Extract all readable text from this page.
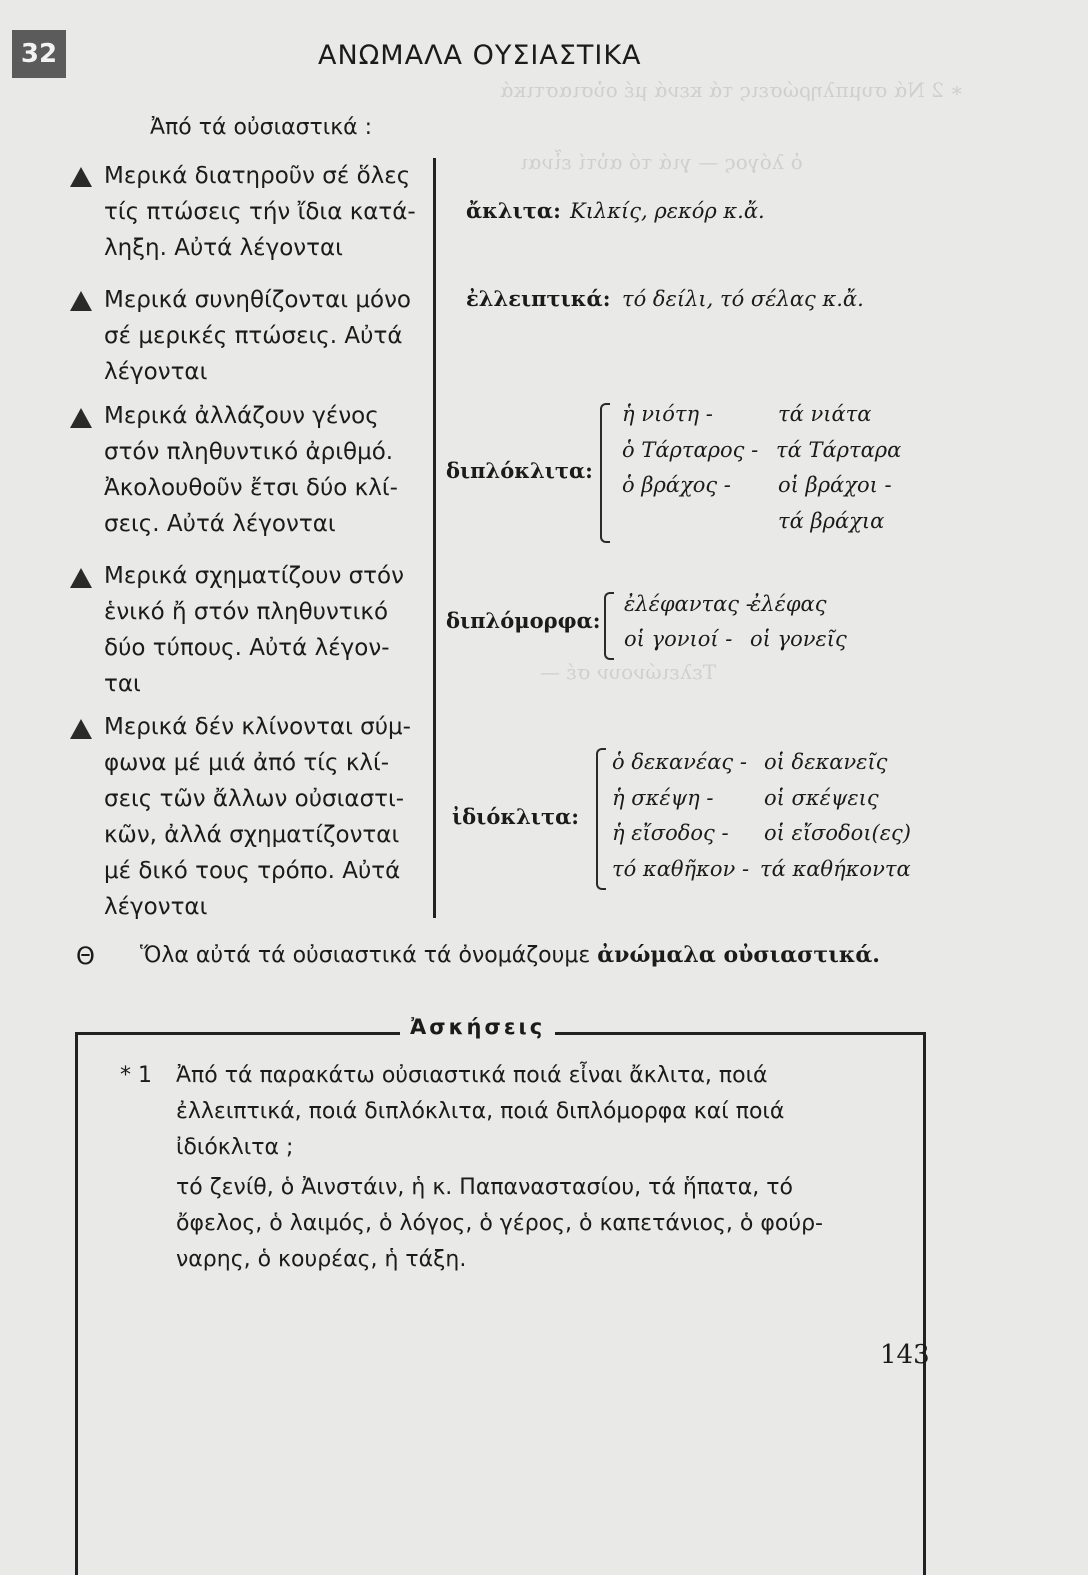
∗ 2 Νά συμπληρώσεις τά κενά μέ οὐσιαστικά
ὁ λόγος — γιά τό αὐτί εἶναι
Τελειώνουν σέ —
32	ΑΝΩΜΑΛΑ ΟΥΣΙΑΣΤΙΚΑ
Ἀπό τά οὐσιαστικά :
Μερικά διατηροῦν σέ ὅλες
τίς πτώσεις τήν ἴδια κατά-
ληξη. Αὐτά λέγονται
ἄκλιτα: Κιλκίς, ρεκόρ κ.ἄ.
Μερικά συνηθίζονται μόνο
σέ μερικές πτώσεις. Αὐτά
λέγονται
ἐλλειπτικά: τό δείλι, τό σέλας κ.ἄ.
Μερικά ἀλλάζουν γένος
στόν πληθυντικό ἀριθμό.
Ἀκολουθοῦν ἔτσι δύο κλί-
σεις. Αὐτά λέγονται
διπλόκλιτα:
ἡ νιότη -	τά νιάτα
ὁ Τάρταρος - τά Τάρταρα
ὁ βράχος - οἱ βράχοι -
τά βράχια
Μερικά σχηματίζουν στόν
ἑνικό ἤ στόν πληθυντικό
δύο τύπους. Αὐτά λέγον-
ται
διπλόμορφα:
ἐλέφαντας -
ἐλέφας
οἱ γονιοί - οἱ γονεῖς
Μερικά δέν κλίνονται σύμ-
φωνα μέ μιά ἀπό τίς κλί-
σεις τῶν ἄλλων οὐσιαστι-
κῶν, ἀλλά σχηματίζονται
μέ δικό τους τρόπο. Αὐτά
λέγονται
ἰδιόκλιτα:
ὁ δεκανέας - οἱ δεκανεῖς
ἡ σκέψη - οἱ σκέψεις
ἡ εἴσοδος - οἱ εἴσοδοι(ες)
τό καθῆκον - τά καθήκοντα
Θ Ὅλα αὐτά τά οὐσιαστικά τά ὀνομάζουμε ἀνώμαλα οὐσιαστικά.
Ἀσκήσεις
* 1 Ἀπό τά παρακάτω οὐσιαστικά ποιά εἶναι ἄκλιτα, ποιά
ἐλλειπτικά, ποιά διπλόκλιτα, ποιά διπλόμορφα καί ποιά
ἰδιόκλιτα ;
τό ζενίθ, ὁ Ἀινστάιν, ἡ κ. Παπαναστασίου, τά ἥπατα, τό
ὄφελος, ὁ λαιμός, ὁ λόγος, ὁ γέρος, ὁ καπετάνιος, ὁ φούρ-
ναρης, ὁ κουρέας, ἡ τάξη.
143
